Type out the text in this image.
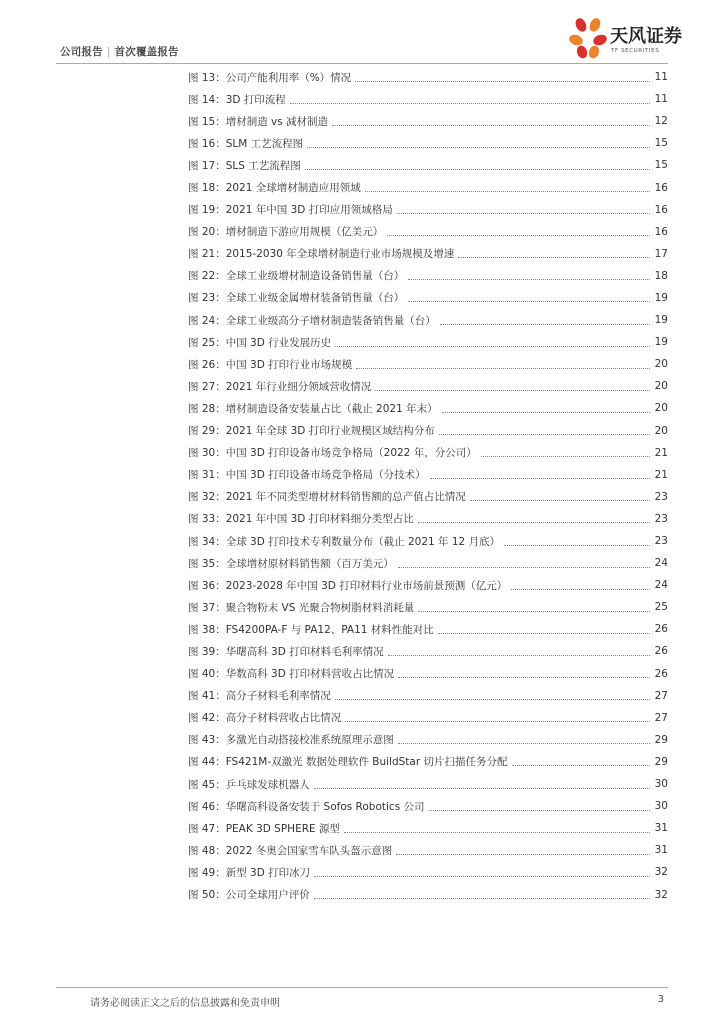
公司报告 | 首次覆盖报告
天风证券
TF SECURITIES
图 13：公司产能利用率（%）情况	11
图 14：3D 打印流程	11
图 15：增材制造 vs 减材制造	12
图 16：SLM 工艺流程图	15
图 17：SLS 工艺流程图	15
图 18：2021 全球增材制造应用领域	16
图 19：2021 年中国 3D 打印应用领域格局	16
图 20：增材制造下游应用规模（亿美元）	16
图 21：2015-2030 年全球增材制造行业市场规模及增速	17
图 22：全球工业级增材制造设备销售量（台）	18
图 23：全球工业级金属增材装备销售量（台）	19
图 24：全球工业级高分子增材制造装备销售量（台）	19
图 25：中国 3D 行业发展历史	19
图 26：中国 3D 打印行业市场规模	20
图 27：2021 年行业细分领域营收情况	20
图 28：增材制造设备安装量占比（截止 2021 年末）	20
图 29：2021 年全球 3D 打印行业规模区域结构分布	20
图 30：中国 3D 打印设备市场竞争格局（2022 年，分公司）	21
图 31：中国 3D 打印设备市场竞争格局（分技术）	21
图 32：2021 年不同类型增材材料销售额的总产值占比情况	23
图 33：2021 年中国 3D 打印材料细分类型占比	23
图 34：全球 3D 打印技术专利数量分布（截止 2021 年 12 月底）	23
图 35：全球增材原材料销售额（百万美元）	24
图 36：2023-2028 年中国 3D 打印材料行业市场前景预测（亿元）	24
图 37：聚合物粉末 VS 光聚合物树脂材料消耗量	25
图 38：FS4200PA-F 与 PA12、PA11 材料性能对比	26
图 39：华曙高科 3D 打印材料毛利率情况	26
图 40：华数高科 3D 打印材料营收占比情况	26
图 41：高分子材料毛利率情况	27
图 42：高分子材料营收占比情况	27
图 43：多激光自动搭接校准系统原理示意图	29
图 44：FS421M-双激光 数据处理软件 BuildStar 切片扫描任务分配	29
图 45：乒乓球发球机器人	30
图 46：华曙高科设备安装于 Sofos Robotics 公司	30
图 47：PEAK 3D SPHERE 源型	31
图 48：2022 冬奥会国家雪车队头盔示意图	31
图 49：新型 3D 打印冰刀	32
图 50：公司全球用户评价	32
请务必阅读正文之后的信息披露和免责申明	3
